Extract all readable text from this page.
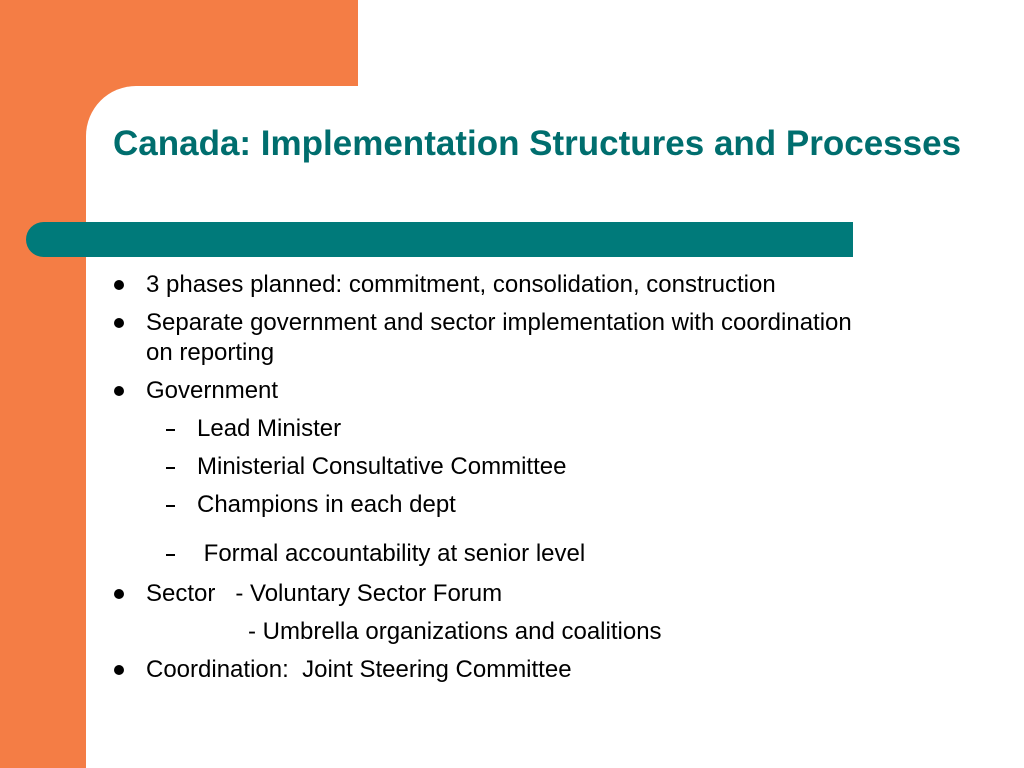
Canada: Implementation Structures and Processes
3 phases planned: commitment, consolidation, construction
Separate government and sector implementation with coordination
on reporting
Government
Lead Minister
Ministerial Consultative Committee
Champions in each dept
Formal accountability at senior level
Sector   - Voluntary Sector Forum
- Umbrella organizations and coalitions
Coordination:  Joint Steering Committee
